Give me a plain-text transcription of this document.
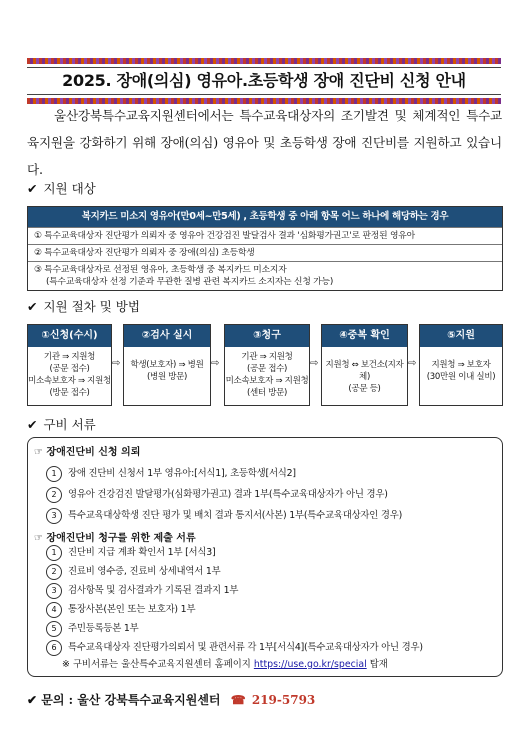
2025. 장애(의심) 영유아.초등학생 장애 진단비 신청 안내
울산강북특수교육지원센터에서는 특수교육대상자의 조기발견 및 체계적인 특수교육지원을 강화하기 위해 장애(의심) 영유아 및 초등학생 장애 진단비를 지원하고 있습니다.
✔ 지원 대상
복지카드 미소지 영유아(만0세~만5세) , 초등학생 중 아래 항목 어느 하나에 해당하는 경우
① 특수교육대상자 진단평가 의뢰자 중 영유아 건강검진 발달검사 결과 '심화평가권고'로 판정된 영유아
② 특수교육대상자 진단평가 의뢰자 중 장애(의심) 초등학생
③ 특수교육대상자로 선정된 영유아, 초등학생 중 복지카드 미소지자
(특수교육대상자 선정 기준과 무관한 질병 관련 복지카드 소지자는 신청 가능)
✔ 지원 절차 및 방법
①신청(수시)
기관 ⇒ 지원청
(공문 접수)
미소속보호자 ⇒ 지원청
(방문 접수)
⇨
②검사 실시
학생(보호자) ⇒ 병원
(병원 방문)
⇨
③청구
기관 ⇒ 지원청
(공문 접수)
미소속보호자 ⇒ 지원청
(센터 방문)
⇨
④중복 확인
지원청 ⇔ 보건소(지자체)
(공문 등)
⇨
⑤지원
지원청 ⇒ 보호자
(30만원 이내 실비)
✔ 구비 서류
☞ 장애진단비 신청 의뢰
1 장애 진단비 신청서 1부 영유아:[서식1], 초등학생[서식2]
2 영유아 건강검진 발달평가(심화평가권고) 결과 1부(특수교육대상자가 아닌 경우)
3 특수교육대상학생 진단 평가 및 배치 결과 통지서(사본) 1부(특수교육대상자인 경우)
☞ 장애진단비 청구를 위한 제출 서류
1 진단비 지급 계좌 확인서 1부 [서식3]
2 진료비 영수증, 진료비 상세내역서 1부
3 검사항목 및 검사결과가 기록된 결과지 1부
4 통장사본(본인 또는 보호자) 1부
5 주민등록등본 1부
6 특수교육대상자 진단평가의뢰서 및 관련서류 각 1부[서식4](특수교육대상자가 아닌 경우)
※ 구비서류는 울산특수교육지원센터 홈페이지 https://use.go.kr/special 탑재
✔ 문의 : 울산 강북특수교육지원센터 ☎ 219-5793
